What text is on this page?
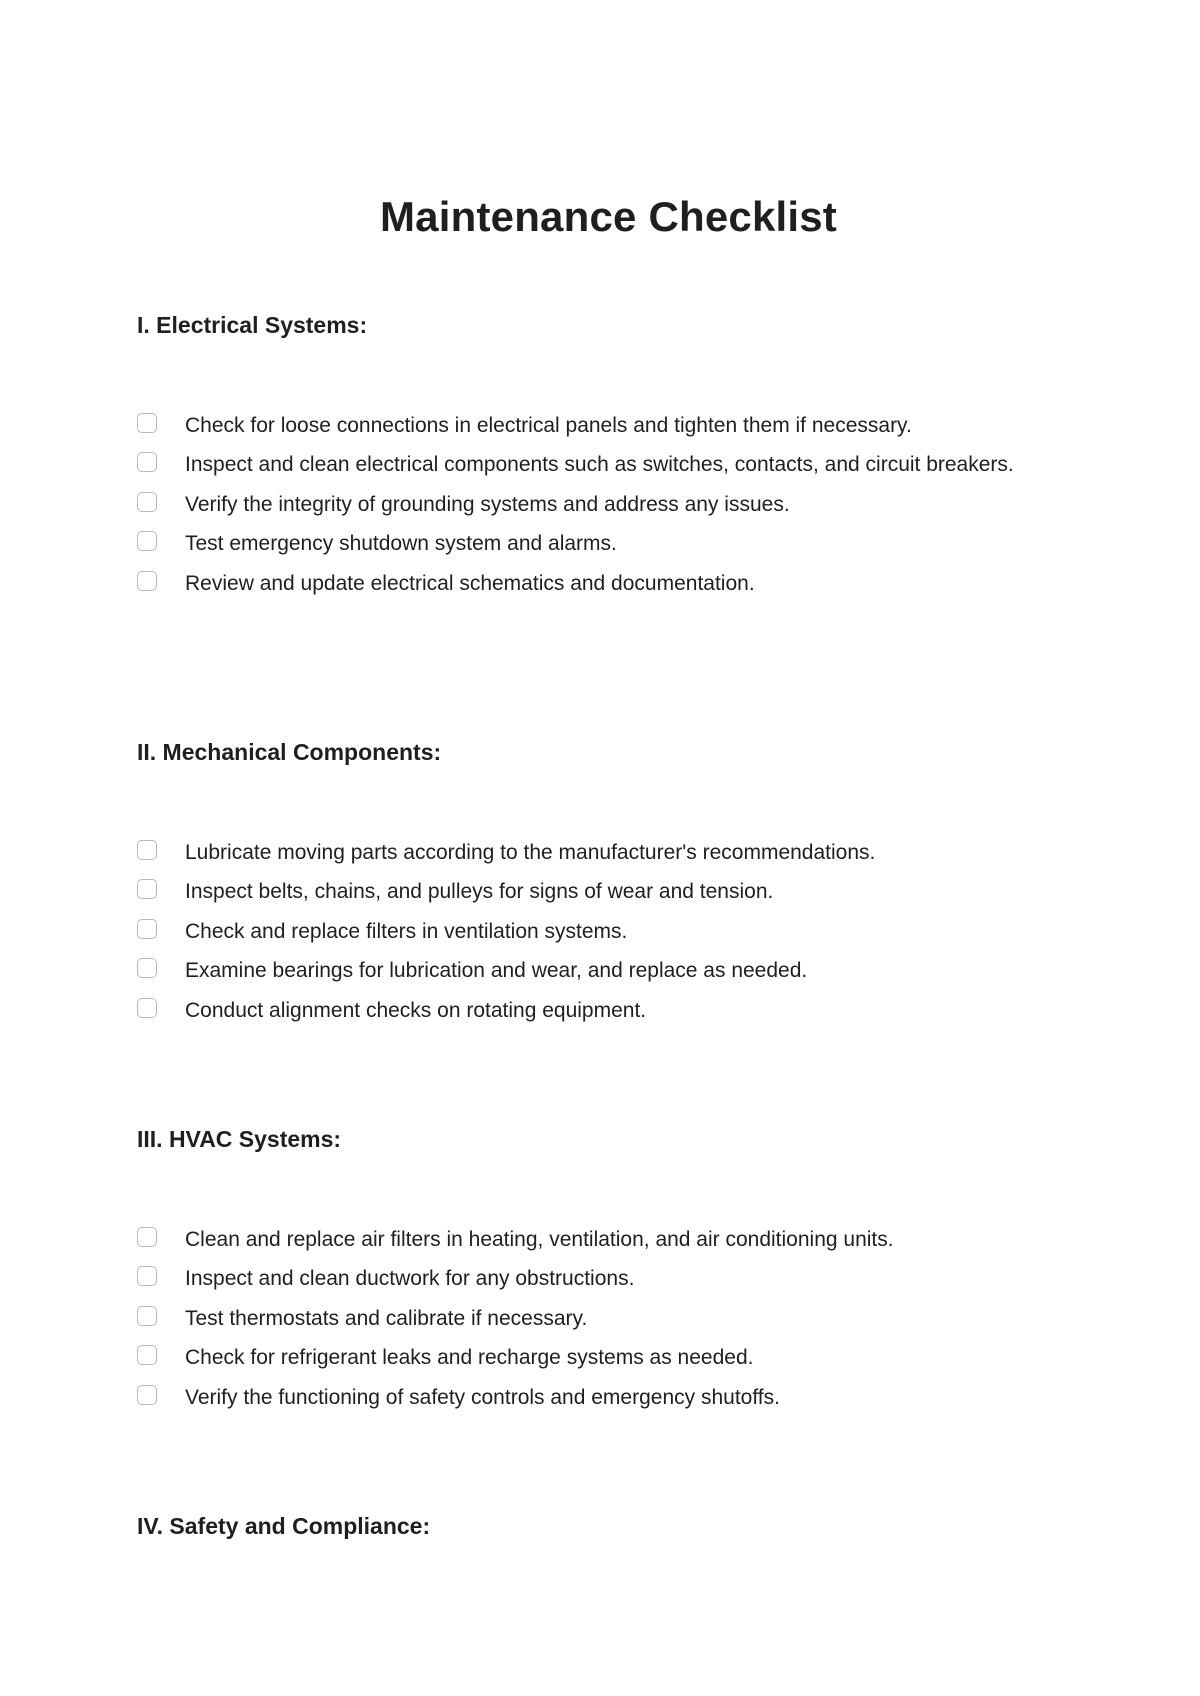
Maintenance Checklist
I. Electrical Systems:
Check for loose connections in electrical panels and tighten them if necessary.
Inspect and clean electrical components such as switches, contacts, and circuit breakers.
Verify the integrity of grounding systems and address any issues.
Test emergency shutdown system and alarms.
Review and update electrical schematics and documentation.
II. Mechanical Components:
Lubricate moving parts according to the manufacturer's recommendations.
Inspect belts, chains, and pulleys for signs of wear and tension.
Check and replace filters in ventilation systems.
Examine bearings for lubrication and wear, and replace as needed.
Conduct alignment checks on rotating equipment.
III. HVAC Systems:
Clean and replace air filters in heating, ventilation, and air conditioning units.
Inspect and clean ductwork for any obstructions.
Test thermostats and calibrate if necessary.
Check for refrigerant leaks and recharge systems as needed.
Verify the functioning of safety controls and emergency shutoffs.
IV. Safety and Compliance:
